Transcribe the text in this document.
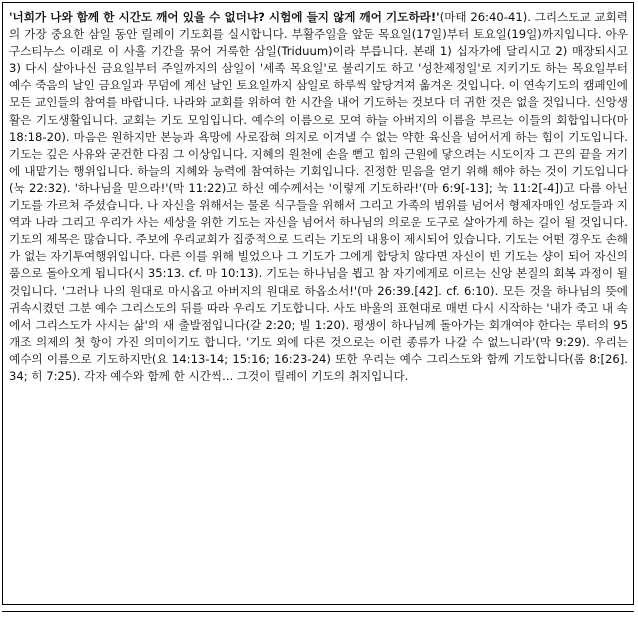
'너희가 나와 함께 한 시간도 깨어 있을 수 없더냐? 시험에 들지 않게 깨어 기도하라!'(마태 26:40-41). 그리스도교 교회력의 가장 중요한 삼일 동안 릴레이 기도회를 실시합니다. 부활주일을 앞둔 목요일(17일)부터 토요일(19일)까지입니다. 아우구스티누스 이래로 이 사흘 기간을 묶어 거룩한 삼일(Triduum)이라 부릅니다. 본래 1) 십자가에 달리시고 2) 매장되시고 3) 다시 살아나신 금요일부터 주일까지의 삼일이 '세족 목요일'로 불리기도 하고 '성찬제정일'로 지키기도 하는 목요일부터 예수 죽음의 날인 금요일과 무덤에 계신 날인 토요일까지 삼일로 하루씩 앞당겨져 옮겨온 것입니다. 이 연속기도의 캠페인에 모든 교인들의 참여를 바랍니다. 나라와 교회를 위하여 한 시간을 내어 기도하는 것보다 더 귀한 것은 없을 것입니다. 신앙생활은 기도생활입니다. 교회는 기도 모임입니다. 예수의 이름으로 모여 하늘 아버지의 이름을 부르는 이들의 회합입니다(마 18:18-20). 마음은 원하지만 본능과 욕망에 사로잡혀 의지로 이겨낼 수 없는 약한 육신을 넘어서게 하는 힘이 기도입니다. 기도는 깊은 사유와 굳건한 다짐 그 이상입니다. 지혜의 원천에 손을 뻗고 힘의 근원에 닿으려는 시도이자 그 끈의 끝을 거기에 내맡기는 행위입니다. 하늘의 지혜와 능력에 참여하는 기회입니다. 진정한 믿음을 얻기 위해 해야 하는 것이 기도입니다(눅 22:32). '하나님을 믿으라!'(막 11:22)고 하신 예수께서는 '이렇게 기도하라!'(마 6:9[-13]; 눅 11:2[-4])고 다름 아닌 기도를 가르쳐 주셨습니다. 나 자신을 위해서는 물론 식구들을 위해서 그리고 가족의 범위를 넘어서 형제자매인 성도들과 지역과 나라 그리고 우리가 사는 세상을 위한 기도는 자신을 넘어서 하나님의 의로운 도구로 살아가게 하는 길이 될 것입니다. 기도의 제목은 많습니다. 주보에 우리교회가 집중적으로 드리는 기도의 내용이 제시되어 있습니다. 기도는 어떤 경우도 손해가 없는 자기투여행위입니다. 다른 이를 위해 빌었으나 그 기도가 그에게 합당치 않다면 자신이 빈 기도는 샹이 되어 자신의 품으로 돌아오게 됩니다(시 35:13. cf. 마 10:13). 기도는 하나님을 뵙고 참 자기에게로 이르는 신앙 본질의 회복 과정이 될 것입니다. '그러나 나의 원대로 마시옵고 아버지의 원대로 하옵소서!'(마 26:39.[42]. cf. 6:10). 모든 것을 하나님의 뜻에 귀속시켰던 그분 예수 그리스도의 뒤를 따라 우리도 기도합니다. 사도 바울의 표현대로 매번 다시 시작하는 '내가 죽고 내 속에서 그리스도가 사시는 삶'의 새 출발점입니다(갈 2:20; 빌 1:20). 평생이 하나님께 돌아가는 회개여야 한다는 루터의 95개조 의제의 첫 항이 가진 의미이기도 합니다. '기도 외에 다른 것으로는 이런 종류가 나갈 수 없느니라'(막 9:29). 우리는 예수의 이름으로 기도하지만(요 14:13-14; 15:16; 16:23-24) 또한 우리는 예수 그리스도와 함께 기도합니다(롬 8:[26].34; 히 7:25). 각자 예수와 함께 한 시간씩... 그것이 릴레이 기도의 취지입니다.
